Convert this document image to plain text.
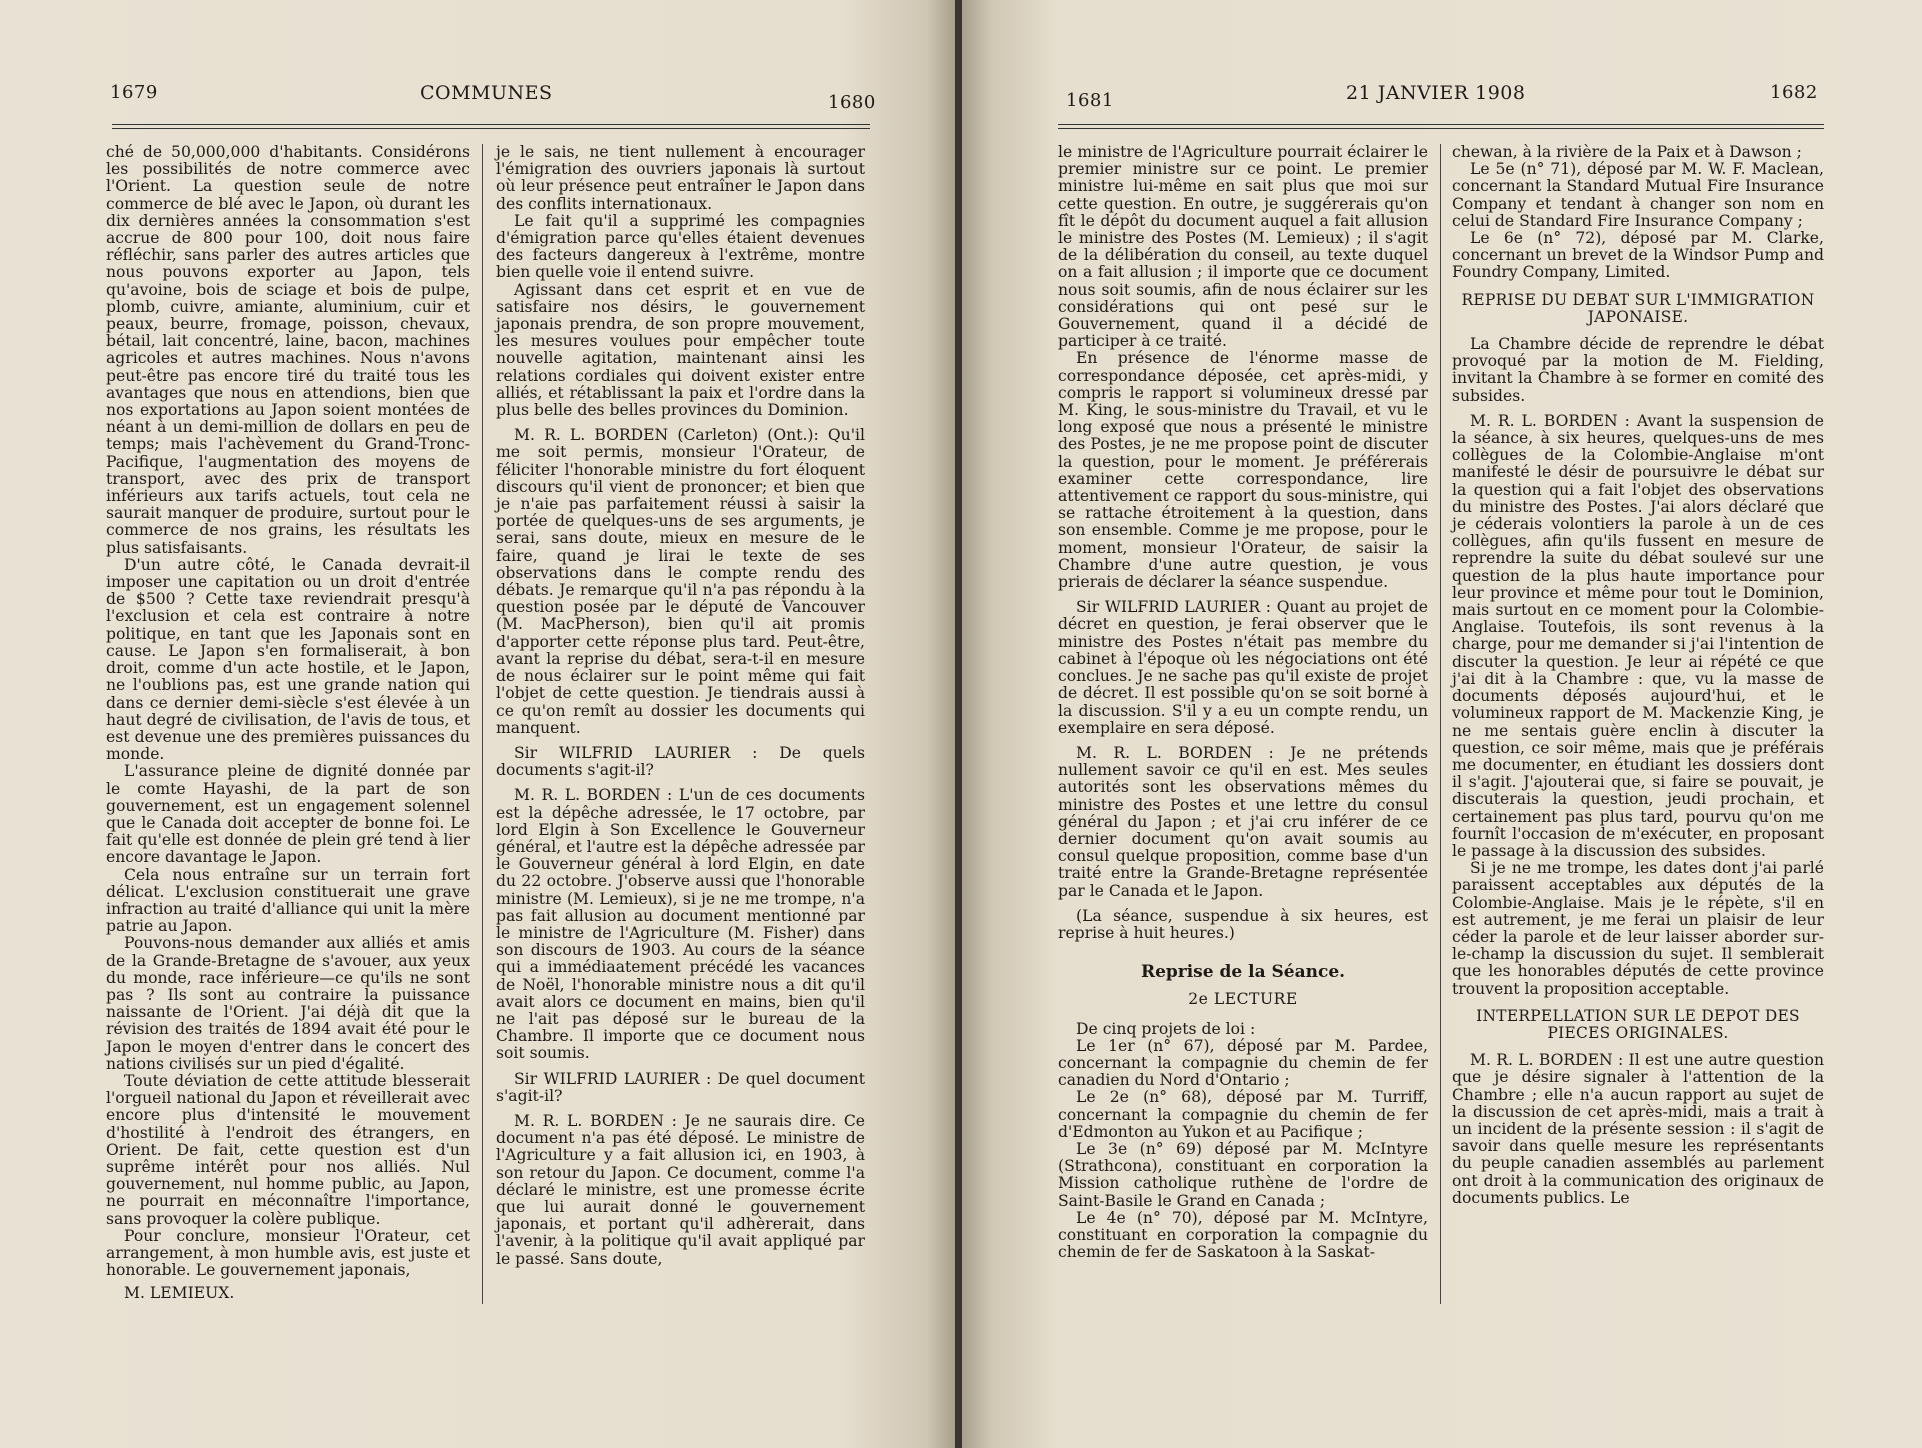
1679	COMMUNES	1680

ché de 50,000,000 d'habitants. Considérons les possibilités de notre commerce avec l'Orient. La question seule de notre commerce de blé avec le Japon, où durant les dix dernières années la consommation s'est accrue de 800 pour 100, doit nous faire réfléchir, sans parler des autres articles que nous pouvons exporter au Japon, tels qu'avoine, bois de sciage et bois de pulpe, plomb, cuivre, amiante, aluminium, cuir et peaux, beurre, fromage, poisson, chevaux, bétail, lait concentré, laine, bacon, machines agricoles et autres machines. Nous n'avons peut-être pas encore tiré du traité tous les avantages que nous en attendions, bien que nos exportations au Japon soient montées de néant à un demi-million de dollars en peu de temps; mais l'achèvement du Grand-Tronc-Pacifique, l'augmentation des moyens de transport, avec des prix de transport inférieurs aux tarifs actuels, tout cela ne saurait manquer de produire, surtout pour le commerce de nos grains, les résultats les plus satisfaisants.

D'un autre côté, le Canada devrait-il imposer une capitation ou un droit d'entrée de $500 ? Cette taxe reviendrait presqu'à l'exclusion et cela est contraire à notre politique, en tant que les Japonais sont en cause. Le Japon s'en formaliserait, à bon droit, comme d'un acte hostile, et le Japon, ne l'oublions pas, est une grande nation qui dans ce dernier demi-siècle s'est élevée à un haut degré de civilisation, de l'avis de tous, et est devenue une des premières puissances du monde.

L'assurance pleine de dignité donnée par le comte Hayashi, de la part de son gouvernement, est un engagement solennel que le Canada doit accepter de bonne foi. Le fait qu'elle est donnée de plein gré tend à lier encore davantage le Japon.

Cela nous entraîne sur un terrain fort délicat. L'exclusion constituerait une grave infraction au traité d'alliance qui unit la mère patrie au Japon.

Pouvons-nous demander aux alliés et amis de la Grande-Bretagne de s'avouer, aux yeux du monde, race inférieure—ce qu'ils ne sont pas ? Ils sont au contraire la puissance naissante de l'Orient. J'ai déjà dit que la révision des traités de 1894 avait été pour le Japon le moyen d'entrer dans le concert des nations civilisés sur un pied d'égalité.

Toute déviation de cette attitude blesserait l'orgueil national du Japon et réveillerait avec encore plus d'intensité le mouvement d'hostilité à l'endroit des étrangers, en Orient. De fait, cette question est d'un suprême intérêt pour nos alliés. Nul gouvernement, nul homme public, au Japon, ne pourrait en méconnaître l'importance, sans provoquer la colère publique.

Pour conclure, monsieur l'Orateur, cet arrangement, à mon humble avis, est juste et honorable. Le gouvernement japonais,

M. LEMIEUX.

je le sais, ne tient nullement à encourager l'émigration des ouvriers japonais là surtout où leur présence peut entraîner le Japon dans des conflits internationaux.

Le fait qu'il a supprimé les compagnies d'émigration parce qu'elles étaient devenues des facteurs dangereux à l'extrême, montre bien quelle voie il entend suivre.

Agissant dans cet esprit et en vue de satisfaire nos désirs, le gouvernement japonais prendra, de son propre mouvement, les mesures voulues pour empêcher toute nouvelle agitation, maintenant ainsi les relations cordiales qui doivent exister entre alliés, et rétablissant la paix et l'ordre dans la plus belle des belles provinces du Dominion.

M. R. L. BORDEN (Carleton) (Ont.): Qu'il me soit permis, monsieur l'Orateur, de féliciter l'honorable ministre du fort éloquent discours qu'il vient de prononcer; et bien que je n'aie pas parfaitement réussi à saisir la portée de quelques-uns de ses arguments, je serai, sans doute, mieux en mesure de le faire, quand je lirai le texte de ses observations dans le compte rendu des débats. Je remarque qu'il n'a pas répondu à la question posée par le député de Vancouver (M. MacPherson), bien qu'il ait promis d'apporter cette réponse plus tard. Peut-être, avant la reprise du débat, sera-t-il en mesure de nous éclairer sur le point même qui fait l'objet de cette question. Je tiendrais aussi à ce qu'on remît au dossier les documents qui manquent.

Sir WILFRID LAURIER : De quels documents s'agit-il?

M. R. L. BORDEN : L'un de ces documents est la dépêche adressée, le 17 octobre, par lord Elgin à Son Excellence le Gouverneur général, et l'autre est la dépêche adressée par le Gouverneur général à lord Elgin, en date du 22 octobre. J'observe aussi que l'honorable ministre (M. Lemieux), si je ne me trompe, n'a pas fait allusion au document mentionné par le ministre de l'Agriculture (M. Fisher) dans son discours de 1903. Au cours de la séance qui a immédiaatement précédé les vacances de Noël, l'honorable ministre nous a dit qu'il avait alors ce document en mains, bien qu'il ne l'ait pas déposé sur le bureau de la Chambre. Il importe que ce document nous soit soumis.

Sir WILFRID LAURIER : De quel document s'agit-il?

M. R. L. BORDEN : Je ne saurais dire. Ce document n'a pas été déposé. Le ministre de l'Agriculture y a fait allusion ici, en 1903, à son retour du Japon. Ce document, comme l'a déclaré le ministre, est une promesse écrite que lui aurait donné le gouvernement japonais, et portant qu'il adhèrerait, dans l'avenir, à la politique qu'il avait appliqué par le passé. Sans doute,

1681	21 JANVIER 1908	1682

le ministre de l'Agriculture pourrait éclairer le premier ministre sur ce point. Le premier ministre lui-même en sait plus que moi sur cette question. En outre, je suggérerais qu'on fît le dépôt du document auquel a fait allusion le ministre des Postes (M. Lemieux) ; il s'agit de la délibération du conseil, au texte duquel on a fait allusion ; il importe que ce document nous soit soumis, afin de nous éclairer sur les considérations qui ont pesé sur le Gouvernement, quand il a décidé de participer à ce traité.

En présence de l'énorme masse de correspondance déposée, cet après-midi, y compris le rapport si volumineux dressé par M. King, le sous-ministre du Travail, et vu le long exposé que nous a présenté le ministre des Postes, je ne me propose point de discuter la question, pour le moment. Je préférerais examiner cette correspondance, lire attentivement ce rapport du sous-ministre, qui se rattache étroitement à la question, dans son ensemble. Comme je me propose, pour le moment, monsieur l'Orateur, de saisir la Chambre d'une autre question, je vous prierais de déclarer la séance suspendue.

Sir WILFRID LAURIER : Quant au projet de décret en question, je ferai observer que le ministre des Postes n'était pas membre du cabinet à l'époque où les négociations ont été conclues. Je ne sache pas qu'il existe de projet de décret. Il est possible qu'on se soit borné à la discussion. S'il y a eu un compte rendu, un exemplaire en sera déposé.

M. R. L. BORDEN : Je ne prétends nullement savoir ce qu'il en est. Mes seules autorités sont les observations mêmes du ministre des Postes et une lettre du consul général du Japon ; et j'ai cru inférer de ce dernier document qu'on avait soumis au consul quelque proposition, comme base d'un traité entre la Grande-Bretagne représentée par le Canada et le Japon.

(La séance, suspendue à six heures, est reprise à huit heures.)

Reprise de la Séance.
2e LECTURE

De cinq projets de loi :

Le 1er (n° 67), déposé par M. Pardee, concernant la compagnie du chemin de fer canadien du Nord d'Ontario ;

Le 2e (n° 68), déposé par M. Turriff, concernant la compagnie du chemin de fer d'Edmonton au Yukon et au Pacifique ;

Le 3e (n° 69) déposé par M. McIntyre (Strathcona), constituant en corporation la Mission catholique ruthène de l'ordre de Saint-Basile le Grand en Canada ;

Le 4e (n° 70), déposé par M. McIntyre, constituant en corporation la compagnie du chemin de fer de Saskatoon à la Saskat-

chewan, à la rivière de la Paix et à Dawson ;

Le 5e (n° 71), déposé par M. W. F. Maclean, concernant la Standard Mutual Fire Insurance Company et tendant à changer son nom en celui de Standard Fire Insurance Company ;

Le 6e (n° 72), déposé par M. Clarke, concernant un brevet de la Windsor Pump and Foundry Company, Limited.

REPRISE DU DEBAT SUR L'IMMIGRATION JAPONAISE.

La Chambre décide de reprendre le débat provoqué par la motion de M. Fielding, invitant la Chambre à se former en comité des subsides.

M. R. L. BORDEN : Avant la suspension de la séance, à six heures, quelques-uns de mes collègues de la Colombie-Anglaise m'ont manifesté le désir de poursuivre le débat sur la question qui a fait l'objet des observations du ministre des Postes. J'ai alors déclaré que je céderais volontiers la parole à un de ces collègues, afin qu'ils fussent en mesure de reprendre la suite du débat soulevé sur une question de la plus haute importance pour leur province et même pour tout le Dominion, mais surtout en ce moment pour la Colombie-Anglaise. Toutefois, ils sont revenus à la charge, pour me demander si j'ai l'intention de discuter la question. Je leur ai répété ce que j'ai dit à la Chambre : que, vu la masse de documents déposés aujourd'hui, et le volumineux rapport de M. Mackenzie King, je ne me sentais guère enclin à discuter la question, ce soir même, mais que je préférais me documenter, en étudiant les dossiers dont il s'agit. J'ajouterai que, si faire se pouvait, je discuterais la question, jeudi prochain, et certainement pas plus tard, pourvu qu'on me fournît l'occasion de m'exécuter, en proposant le passage à la discussion des subsides.

Si je ne me trompe, les dates dont j'ai parlé paraissent acceptables aux députés de la Colombie-Anglaise. Mais je le répète, s'il en est autrement, je me ferai un plaisir de leur céder la parole et de leur laisser aborder sur-le-champ la discussion du sujet. Il semblerait que les honorables députés de cette province trouvent la proposition acceptable.

INTERPELLATION SUR LE DEPOT DES PIECES ORIGINALES.

M. R. L. BORDEN : Il est une autre question que je désire signaler à l'attention de la Chambre ; elle n'a aucun rapport au sujet de la discussion de cet après-midi, mais a trait à un incident de la présente session : il s'agit de savoir dans quelle mesure les représentants du peuple canadien assemblés au parlement ont droit à la communication des originaux de documents publics. Le
